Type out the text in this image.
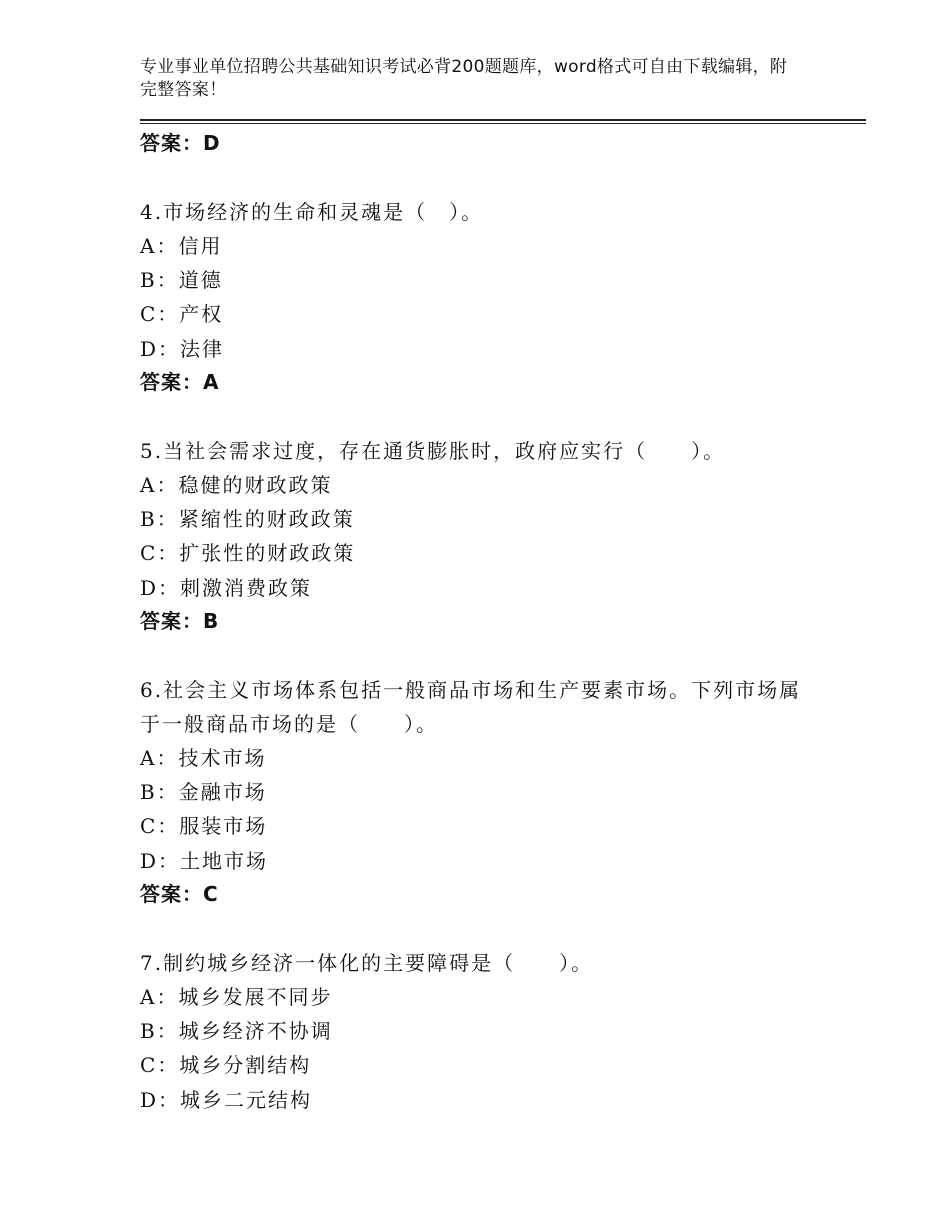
专业事业单位招聘公共基础知识考试必背200题题库，word格式可自由下载编辑，附完整答案！
答案：D
4.市场经济的生命和灵魂是（　）。
A：信用
B：道德
C：产权
D：法律
答案：A
5.当社会需求过度，存在通货膨胀时，政府应实行（　　）。
A：稳健的财政政策
B：紧缩性的财政政策
C：扩张性的财政政策
D：刺激消费政策
答案：B
6.社会主义市场体系包括一般商品市场和生产要素市场。下列市场属
于一般商品市场的是（　　）。
A：技术市场
B：金融市场
C：服装市场
D：土地市场
答案：C
7.制约城乡经济一体化的主要障碍是（　　）。
A：城乡发展不同步
B：城乡经济不协调
C：城乡分割结构
D：城乡二元结构
